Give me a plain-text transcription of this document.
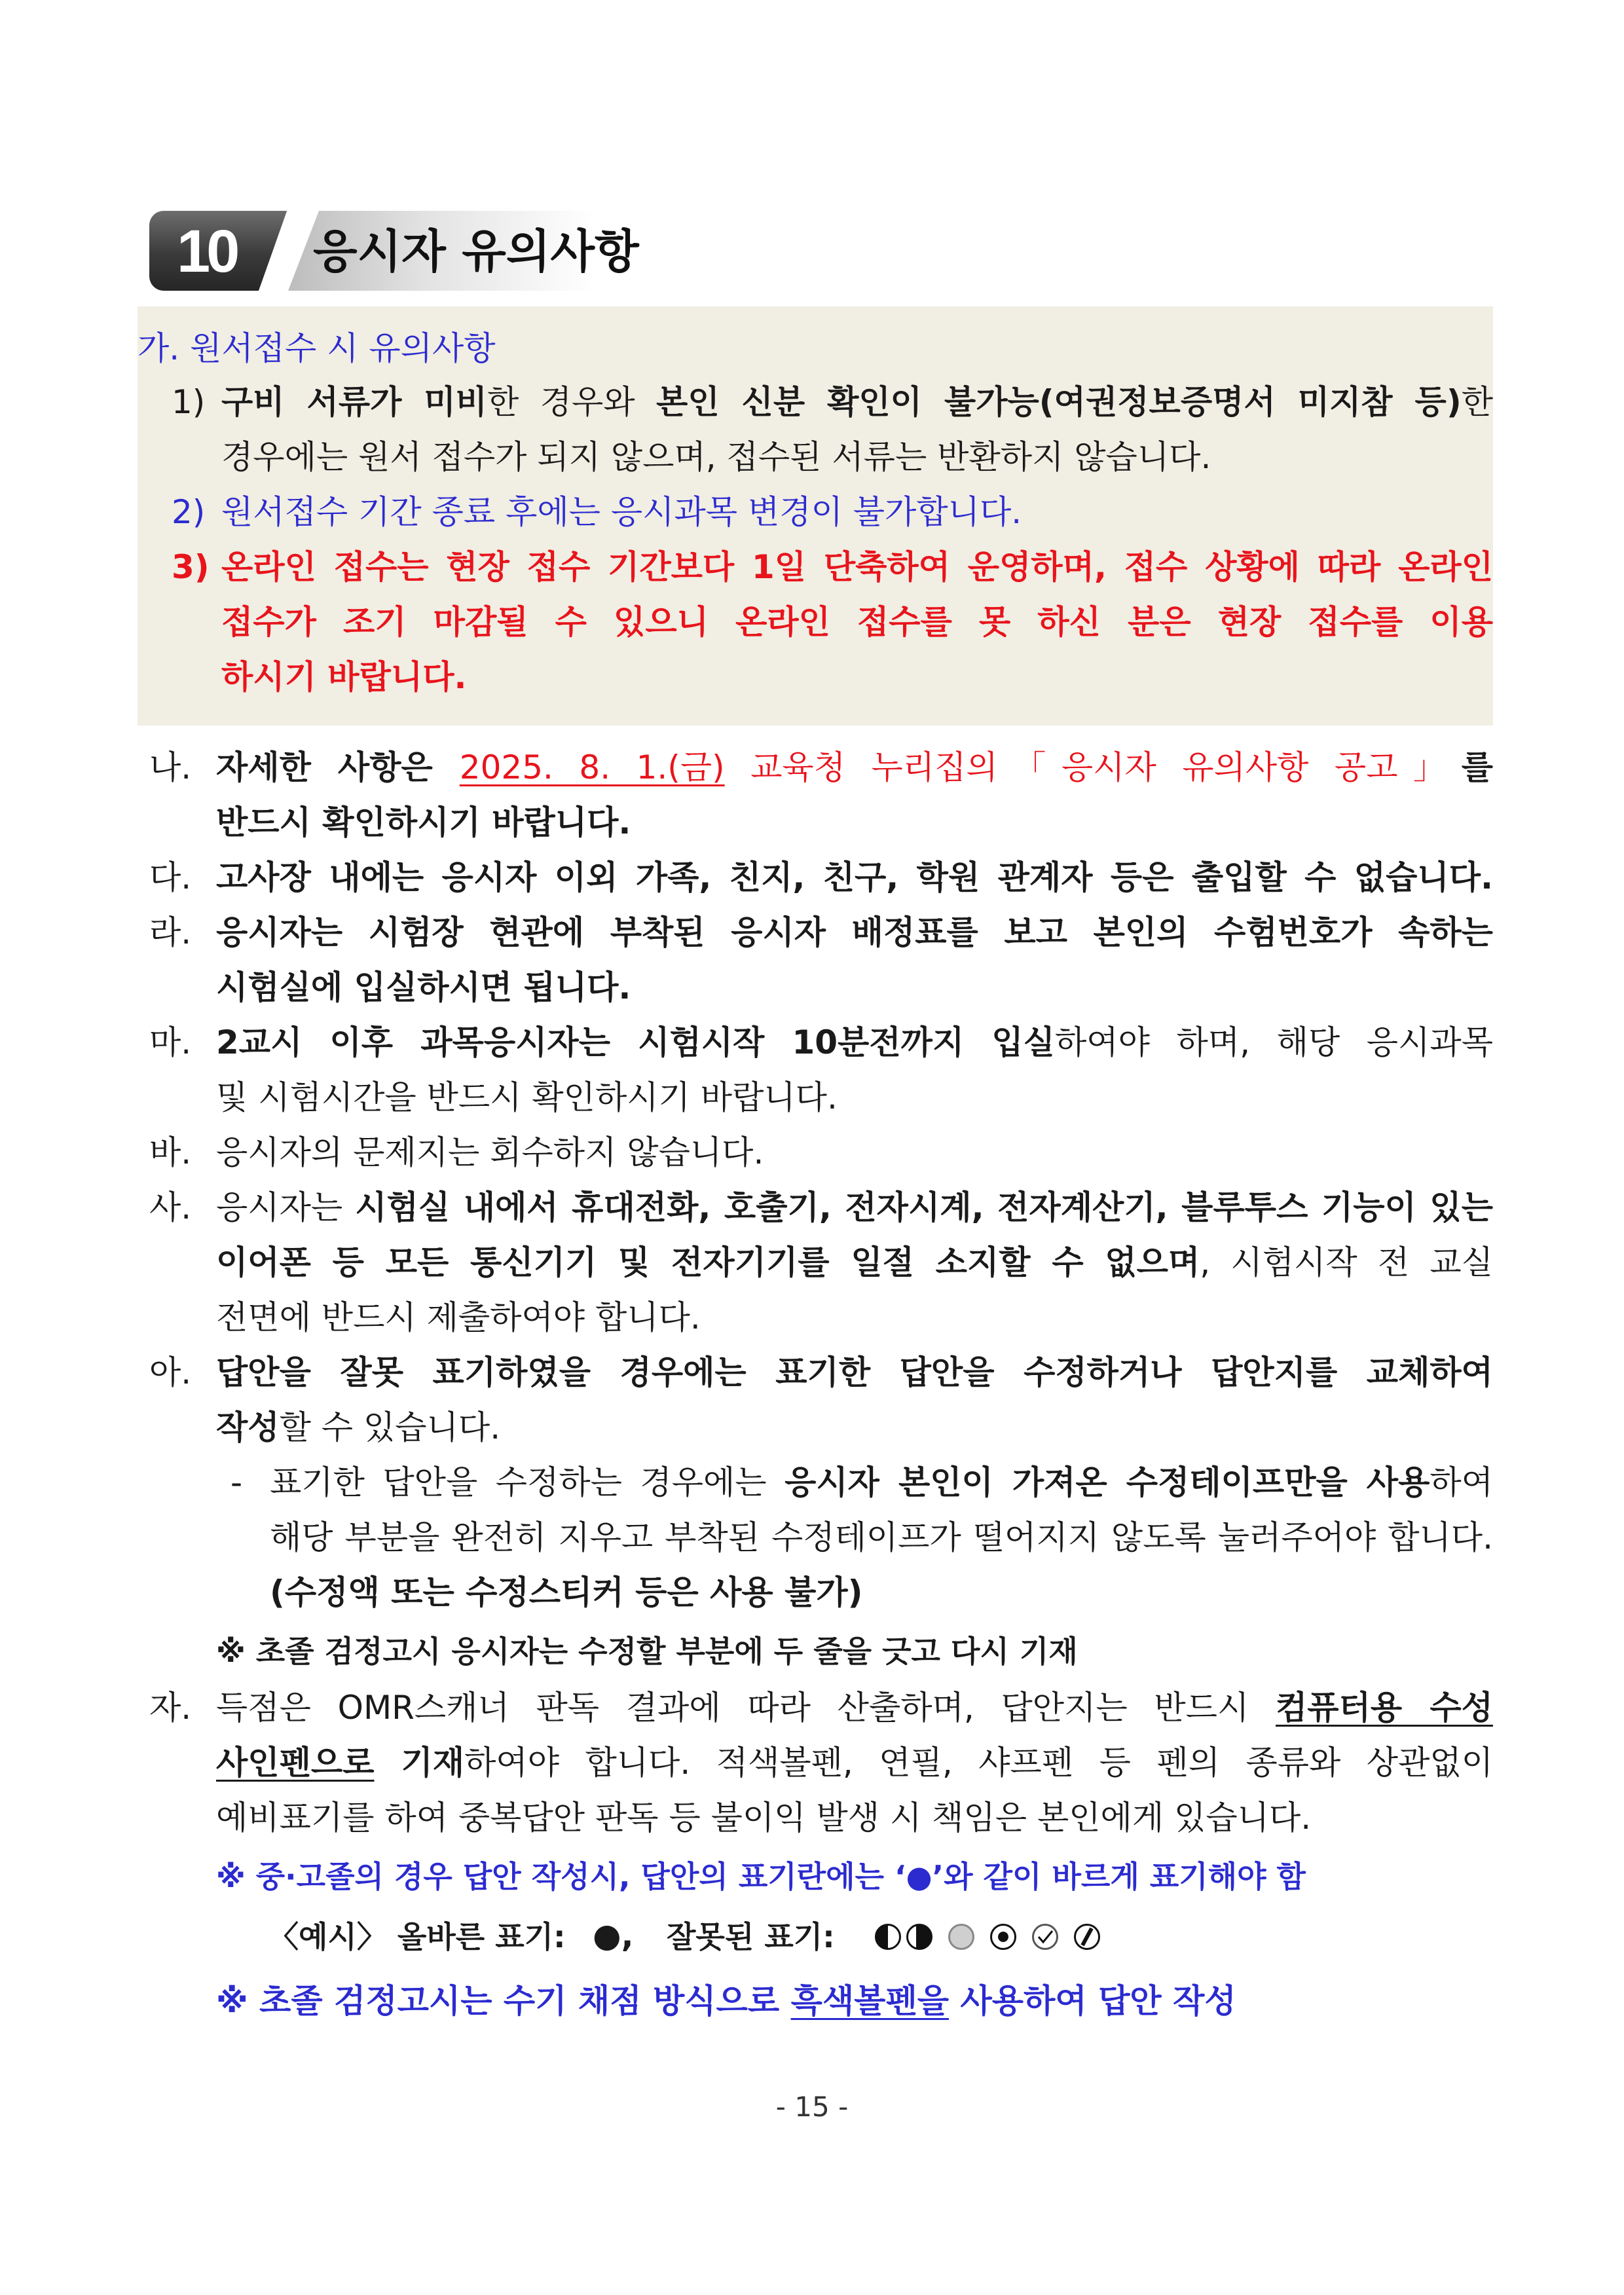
10	응시자 유의사항
가. 원서접수 시 유의사항
1) 구비 서류가 미비한 경우와 본인 신분 확인이 불가능(여권정보증명서 미지참 등)한
경우에는 원서 접수가 되지 않으며, 접수된 서류는 반환하지 않습니다.
2) 원서접수 기간 종료 후에는 응시과목 변경이 불가합니다.
3) 온라인 접수는 현장 접수 기간보다 1일 단축하여 운영하며, 접수 상황에 따라 온라인
접수가 조기 마감될 수 있으니 온라인 접수를 못 하신 분은 현장 접수를 이용
하시기 바랍니다.
나. 자세한 사항은 2025. 8. 1.(금) 교육청 누리집의「응시자 유의사항 공고」를
반드시 확인하시기 바랍니다.
다. 고사장 내에는 응시자 이외 가족, 친지, 친구, 학원 관계자 등은 출입할 수 없습니다.
라. 응시자는 시험장 현관에 부착된 응시자 배정표를 보고 본인의 수험번호가 속하는
시험실에 입실하시면 됩니다.
마. 2교시 이후 과목응시자는 시험시작 10분전까지 입실하여야 하며, 해당 응시과목
및 시험시간을 반드시 확인하시기 바랍니다.
바. 응시자의 문제지는 회수하지 않습니다.
사. 응시자는 시험실 내에서 휴대전화, 호출기, 전자시계, 전자계산기, 블루투스 기능이 있는
이어폰 등 모든 통신기기 및 전자기기를 일절 소지할 수 없으며, 시험시작 전 교실
전면에 반드시 제출하여야 합니다.
아. 답안을 잘못 표기하였을 경우에는 표기한 답안을 수정하거나 답안지를 교체하여
작성할 수 있습니다.
- 표기한 답안을 수정하는 경우에는 응시자 본인이 가져온 수정테이프만을 사용하여
해당 부분을 완전히 지우고 부착된 수정테이프가 떨어지지 않도록 눌러주어야 합니다.
(수정액 또는 수정스티커 등은 사용 불가)
※ 초졸 검정고시 응시자는 수정할 부분에 두 줄을 긋고 다시 기재
자. 득점은 OMR스캐너 판독 결과에 따라 산출하며, 답안지는 반드시 컴퓨터용 수성
사인펜으로 기재하여야 합니다. 적색볼펜, 연필, 샤프펜 등 펜의 종류와 상관없이
예비표기를 하여 중복답안 판독 등 불이익 발생 시 책임은 본인에게 있습니다.
※ 중·고졸의 경우 답안 작성시, 답안의 표기란에는 ‘●’와 같이 바르게 표기해야 함
〈예시〉 올바른 표기: ●, 잘못된 표기:
※ 초졸 검정고시는 수기 채점 방식으로 흑색볼펜을 사용하여 답안 작성
- 15 -
